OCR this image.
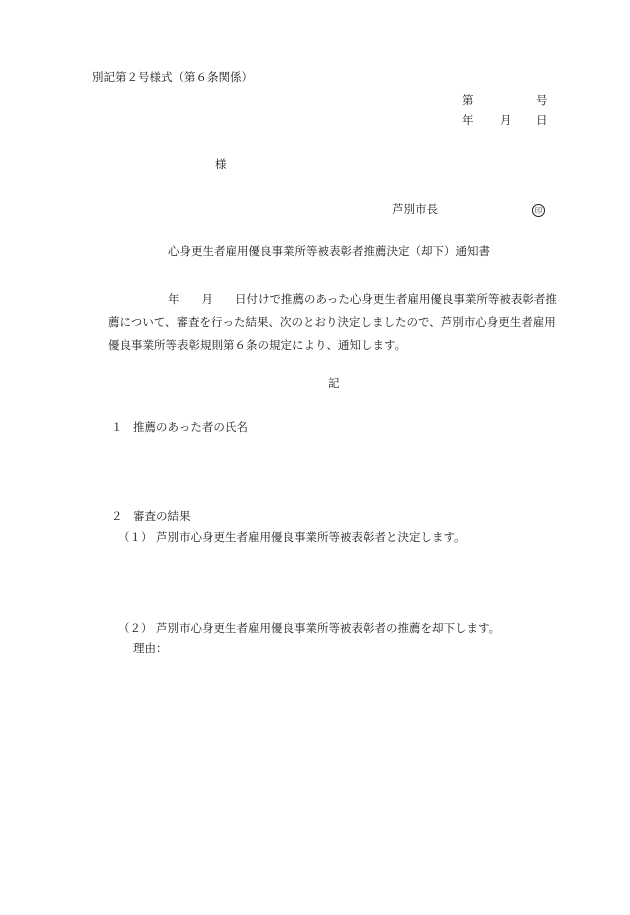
別記第２号様式（第６条関係）
第	号
年 月 日
様
芦別市長	印
心身更生者雇用優良事業所等被表彰者推薦決定（却下）通知書
年 月 日付けで推薦のあった心身更生者雇用優良事業所等被表彰者推
薦について、審査を行った結果、次のとおり決定しましたので、芦別市心身更生者雇用
優良事業所等表彰規則第６条の規定により、通知します。
記
１ 推薦のあった者の氏名
２ 審査の結果
（１） 芦別市心身更生者雇用優良事業所等被表彰者と決定します。
（２） 芦別市心身更生者雇用優良事業所等被表彰者の推薦を却下します。
理由：
